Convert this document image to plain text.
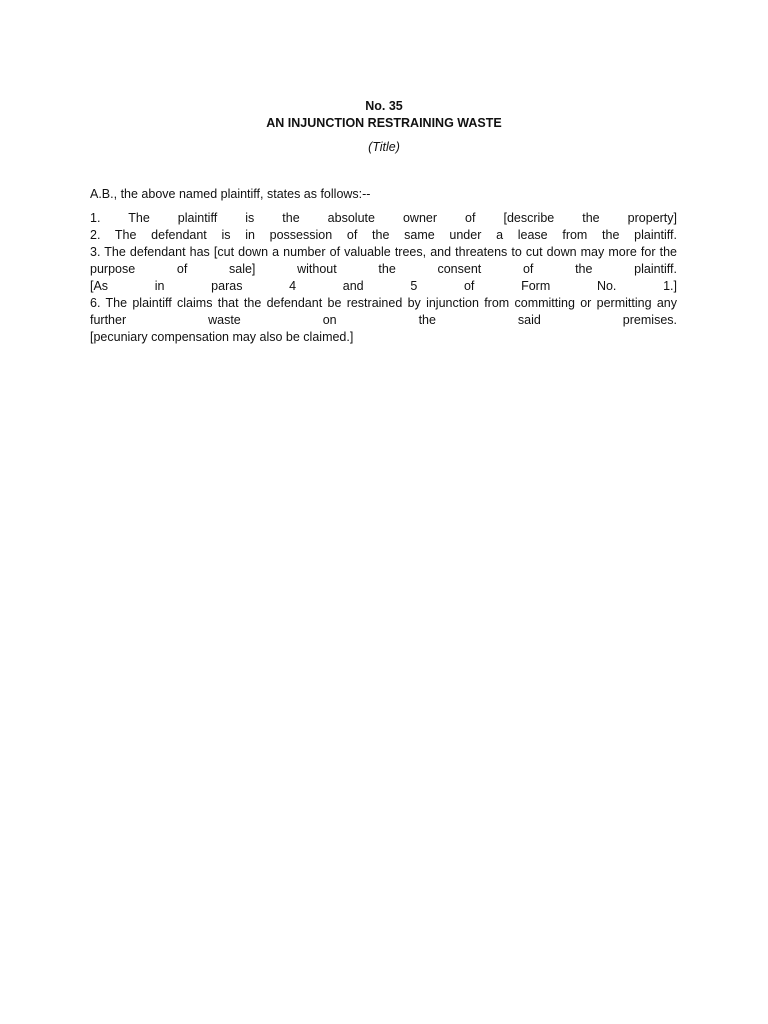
No. 35
AN INJUNCTION RESTRAINING WASTE
(Title)
A.B., the above named plaintiff, states as follows:--
1. The plaintiff is the absolute owner of [describe the property]
2. The defendant is in possession of the same under a lease from the plaintiff.
3. The defendant has [cut down a number of valuable trees, and threatens to cut down may more for the
purpose of sale] without the consent of the plaintiff.
[As in paras 4 and 5 of Form No. 1.]
6. The plaintiff claims that the defendant be restrained by injunction from committing or permitting any
further waste on the said premises.
[pecuniary compensation may also be claimed.]
